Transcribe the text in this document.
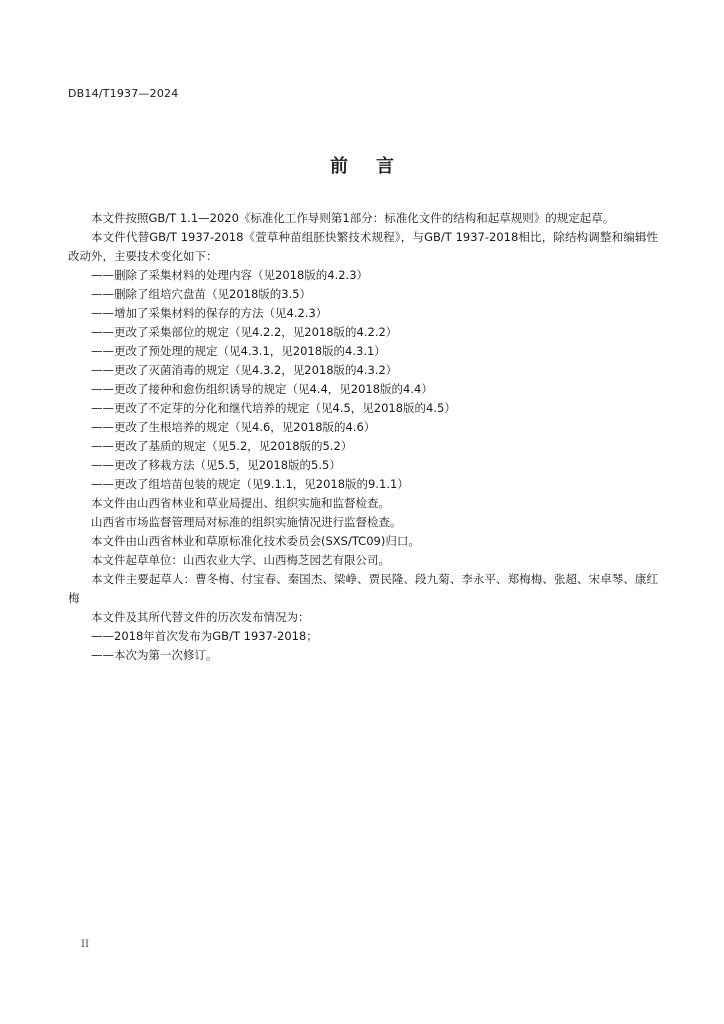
DB14/T1937—2024
前言

本文件按照GB/T 1.1—2020《标准化工作导则第1部分：标准化文件的结构和起草规则》的规定起草。

本文件代替GB/T 1937-2018《萱草种苗组胚快繁技术规程》，与GB/T 1937-2018相比，除结构调整和编辑性改动外，主要技术变化如下：

——删除了采集材料的处理内容（见2018版的4.2.3）

——删除了组培穴盘苗（见2018版的3.5）

——增加了采集材料的保存的方法（见4.2.3）

——更改了采集部位的规定（见4.2.2，见2018版的4.2.2）

——更改了预处理的规定（见4.3.1，见2018版的4.3.1）

——更改了灭菌消毒的规定（见4.3.2，见2018版的4.3.2）

——更改了接种和愈伤组织诱导的规定（见4.4，见2018版的4.4）

——更改了不定芽的分化和继代培养的规定（见4.5，见2018版的4.5）

——更改了生根培养的规定（见4.6，见2018版的4.6）

——更改了基质的规定（见5.2，见2018版的5.2）

——更改了移栽方法（见5.5，见2018版的5.5）

——更改了组培苗包装的规定（见9.1.1，见2018版的9.1.1）

本文件由山西省林业和草业局提出、组织实施和监督检查。

山西省市场监督管理局对标准的组织实施情况进行监督检查。

本文件由山西省林业和草原标准化技术委员会(SXS/TC09)归口。

本文件起草单位：山西农业大学、山西梅芝园艺有限公司。

本文件主要起草人：曹冬梅、付宝春、秦国杰、梁峥、贾民隆、段九菊、李永平、郑梅梅、张超、宋卓琴、康红梅

本文件及其所代替文件的历次发布情况为：

——2018年首次发布为GB/T 1937-2018；

——本次为第一次修订。

II
